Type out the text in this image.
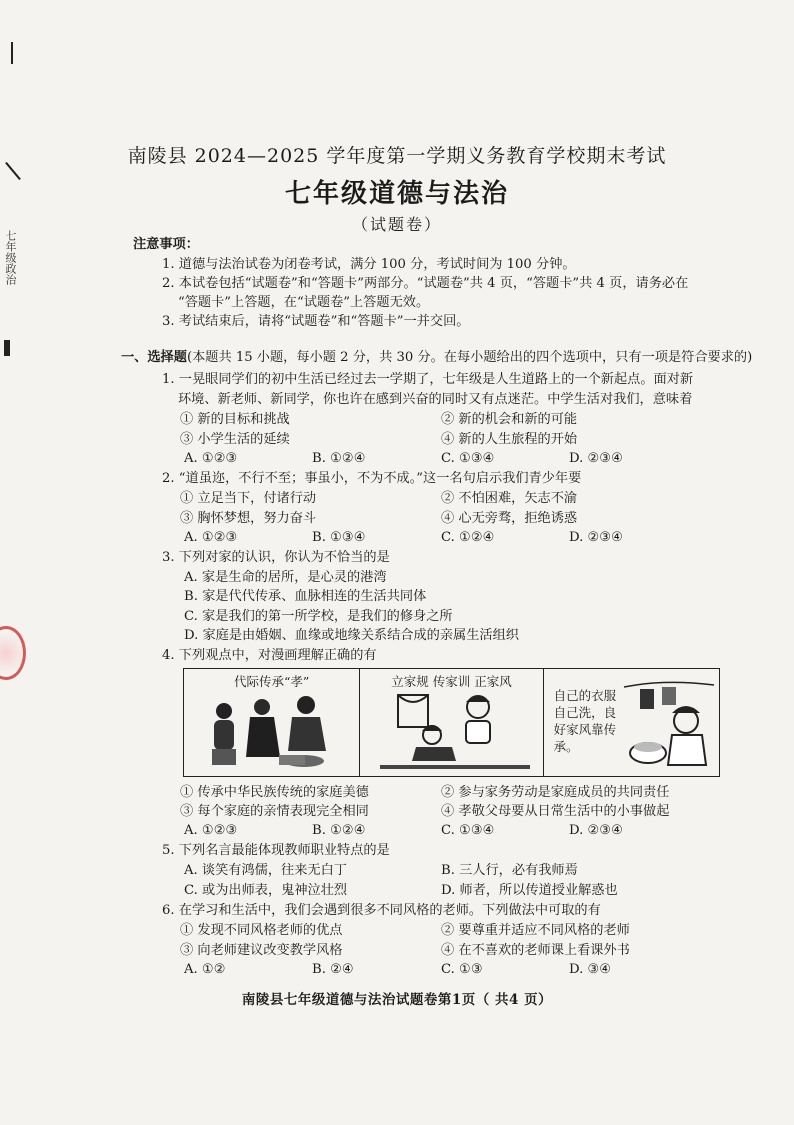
七年级政治
南陵县 2024—2025 学年度第一学期义务教育学校期末考试
七年级道德与法治
（试题卷）
注意事项：
1. 道德与法治试卷为闭卷考试，满分 100 分，考试时间为 100 分钟。
2. 本试卷包括“试题卷”和“答题卡”两部分。“试题卷”共 4 页，“答题卡”共 4 页，请务必在
“答题卡”上答题，在“试题卷”上答题无效。
3. 考试结束后，请将“试题卷”和“答题卡”一并交回。
一、选择题(本题共 15 小题，每小题 2 分，共 30 分。在每小题给出的四个选项中，只有一项是符合要求的)
1. 一晃眼同学们的初中生活已经过去一学期了，七年级是人生道路上的一个新起点。面对新
环境、新老师、新同学，你也许在感到兴奋的同时又有点迷茫。中学生活对我们，意味着
① 新的目标和挑战	② 新的机会和新的可能
③ 小学生活的延续	④ 新的人生旅程的开始
A. ①②③	B. ①②④	C. ①③④	D. ②③④
2. “道虽迩，不行不至；事虽小，不为不成。”这一名句启示我们青少年要
① 立足当下，付诸行动	② 不怕困难，矢志不渝
③ 胸怀梦想，努力奋斗	④ 心无旁骛，拒绝诱惑
A. ①②③	B. ①③④	C. ①②④	D. ②③④
3. 下列对家的认识，你认为不恰当的是
A. 家是生命的居所，是心灵的港湾
B. 家是代代传承、血脉相连的生活共同体
C. 家是我们的第一所学校，是我们的修身之所
D. 家庭是由婚姻、血缘或地缘关系结合成的亲属生活组织
4. 下列观点中，对漫画理解正确的有
代际传承“孝”	立家规 传家训 正家风
自己的衣服
自己洗，良
好家风靠传
承。
① 传承中华民族传统的家庭美德	② 参与家务劳动是家庭成员的共同责任
③ 每个家庭的亲情表现完全相同	④ 孝敬父母要从日常生活中的小事做起
A. ①②③	B. ①②④	C. ①③④	D. ②③④
5. 下列名言最能体现教师职业特点的是
A. 谈笑有鸿儒，往来无白丁	B. 三人行，必有我师焉
C. 或为出师表，鬼神泣壮烈	D. 师者，所以传道授业解惑也
6. 在学习和生活中，我们会遇到很多不同风格的老师。下列做法中可取的有
① 发现不同风格老师的优点	② 要尊重并适应不同风格的老师
③ 向老师建议改变教学风格	④ 在不喜欢的老师课上看课外书
A. ①②	B. ②④	C. ①③	D. ③④
南陵县七年级道德与法治试题卷第1页（ 共4 页）
